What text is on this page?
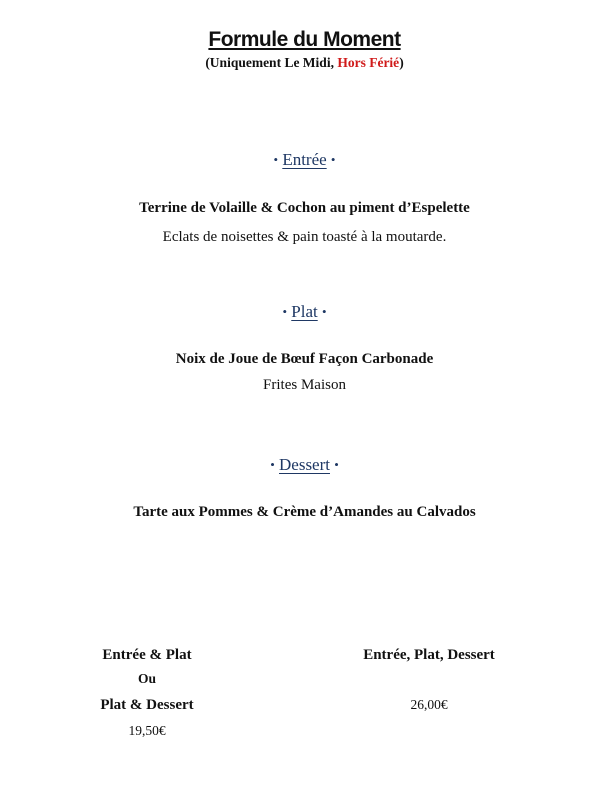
Formule du Moment
(Uniquement Le Midi, Hors Férié)
• Entrée •
Terrine de Volaille & Cochon au piment d’Espelette
Eclats de noisettes & pain toasté à la moutarde.
• Plat •
Noix de Joue de Bœuf Façon Carbonade
Frites Maison
• Dessert •
Tarte aux Pommes & Crème d’Amandes au Calvados
Entrée & Plat
Ou
Plat & Dessert
19,50€
Entrée, Plat, Dessert
26,00€
